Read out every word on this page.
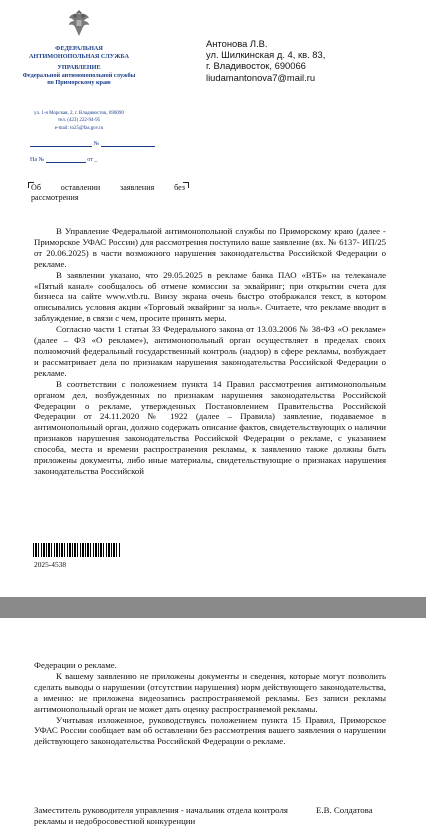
ФЕДЕРАЛЬНАЯ
АНТИМОНОПОЛЬНАЯ СЛУЖБА
УПРАВЛЕНИЕ
Федеральной антимонопольной службы
по Приморскому краю
ул. 1-я Морская, 2, г. Владивосток, 690090
тел. (423) 222-94-95
e-mail: to25@fas.gov.ru
№
На №	от _
Антонова Л.В.
ул. Шилкинская д. 4, кв. 83,
г. Владивосток, 690066
liudamantonova7@mail.ru
Об оставлении заявления без
рассмотрения

В Управление Федеральной антимонопольной службы по Приморскому краю (далее - Приморское УФАС России) для рассмотрения поступило ваше заявление (вх. № 6137- ИП/25 от 20.06.2025) в части возможного нарушения законодательства Российской Федерации о рекламе.

В заявлении указано, что 29.05.2025 в рекламе банка ПАО «ВТБ» на телеканале «Пятый канал» сообщалось об отмене комиссии за эквайринг; при открытии счета для бизнеса на сайте www.vtb.ru. Внизу экрана очень быстро отображался текст, в котором описывались условия акции «Торговый эквайринг за ноль». Считаете, что рекламе вводит в заблуждение, в связи с чем, просите принять меры.

Согласно части 1 статьи 33 Федерального закона от 13.03.2006 № 38-ФЗ «О рекламе» (далее – ФЗ «О рекламе»), антимонопольный орган осуществляет в пределах своих полномочий федеральный государственный контроль (надзор) в сфере рекламы, возбуждает и рассматривает дела по признакам нарушения законодательства Российской Федерации о рекламе.

В соответствии с положением пункта 14 Правил рассмотрения антимонопольным органом дел, возбужденных по признакам нарушения законодательства Российской Федерации о рекламе, утвержденных Постановлением Правительства Российской Федерации от 24.11.2020 № 1922 (далее – Правила) заявление, подаваемое в антимонопольный орган, должно содержать описание фактов, свидетельствующих о наличии признаков нарушения законодательства Российской Федерации о рекламе, с указанием способа, места и времени распространения рекламы, к заявлению также должны быть приложены документы, либо иные материалы, свидетельствующие о признаках нарушения законодательства Российской

2025-4538

Федерации о рекламе.

К вашему заявлению не приложены документы и сведения, которые могут позволить сделать выводы о нарушении (отсутствии нарушения) норм действующего законодательства, а именно: не приложена видеозапись распространяемой рекламы. Без записи рекламы антимонопольный орган не может дать оценку распространяемой рекламы.

Учитывая изложенное, руководствуясь положением пункта 15 Правил, Приморское УФАС России сообщает вам об оставлении без рассмотрения вашего заявления о нарушении действующего законодательства Российской Федерации о рекламе.

Заместитель руководителя управления - начальник отдела контроля рекламы и недобросовестной конкуренции
Е.В. Солдатова
